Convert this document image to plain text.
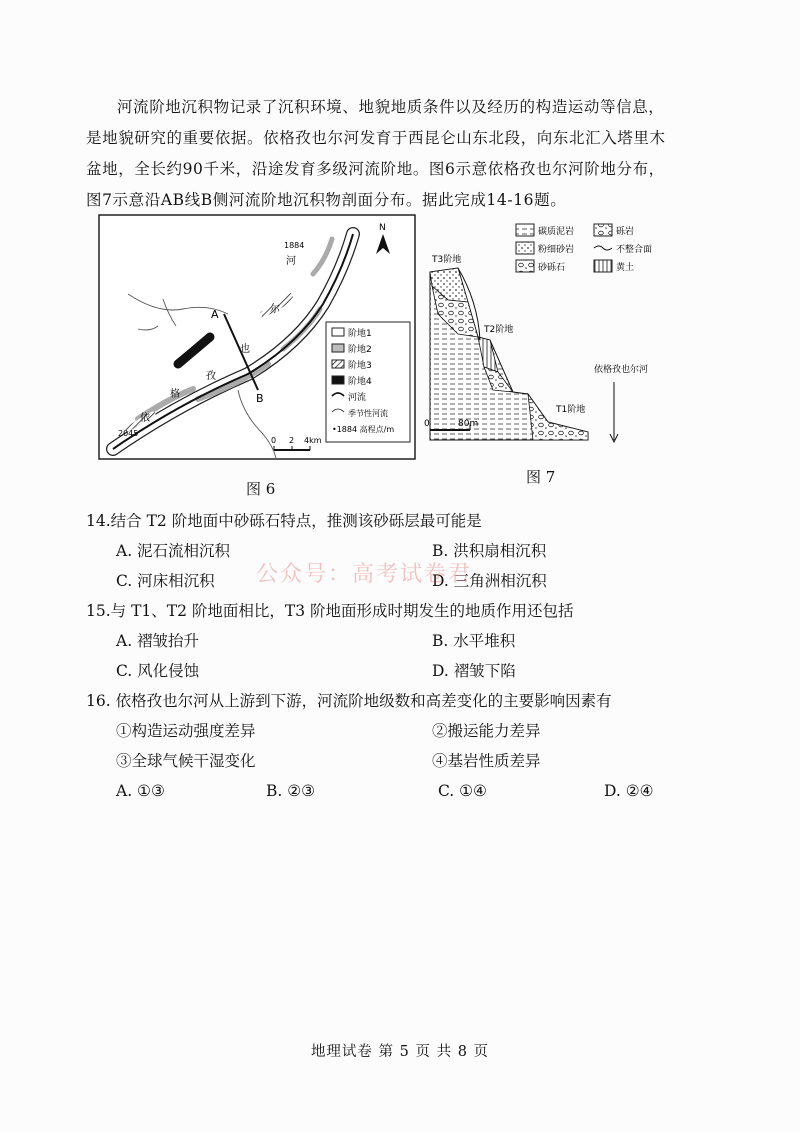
河流阶地沉积物记录了沉积环境、地貌地质条件以及经历的构造运动等信息，

是地貌研究的重要依据。依格孜也尔河发育于西昆仑山东北段，向东北汇入塔里木
盆地，全长约90千米，沿途发育多级河流阶地。图6示意依格孜也尔河阶地分布，
图7示意沿AB线B侧河流阶地沉积物剖面分布。据此完成14-16题。
A
B
1884
2045
依
格
孜
也
尔
河
N
阶地1
阶地2
阶地3
阶地4
河流
季节性河流
•1884 高程点/m
0 2 4km
图 6
碳质泥岩	砾岩
粉细砂岩	不整合面
砂砾石	黄土
T3阶地
T2阶地
T1阶地
依格孜也尔河
0	80m
图 7
14.结合 T2 阶地面中砂砾石特点，推测该砂砾层最可能是
A. 泥石流相沉积	B. 洪积扇相沉积
C. 河床相沉积	D. 三角洲相沉积
15.与 T1、T2 阶地面相比，T3 阶地面形成时期发生的地质作用还包括
A. 褶皱抬升	B. 水平堆积
C. 风化侵蚀	D. 褶皱下陷
16. 依格孜也尔河从上游到下游，河流阶地级数和高差变化的主要影响因素有
①构造运动强度差异	②搬运能力差异
③全球气候干湿变化	④基岩性质差异
A. ①③	B. ②③	C. ①④	D. ②④
公众号：高考试卷君
地理试卷 第 5 页 共 8 页
